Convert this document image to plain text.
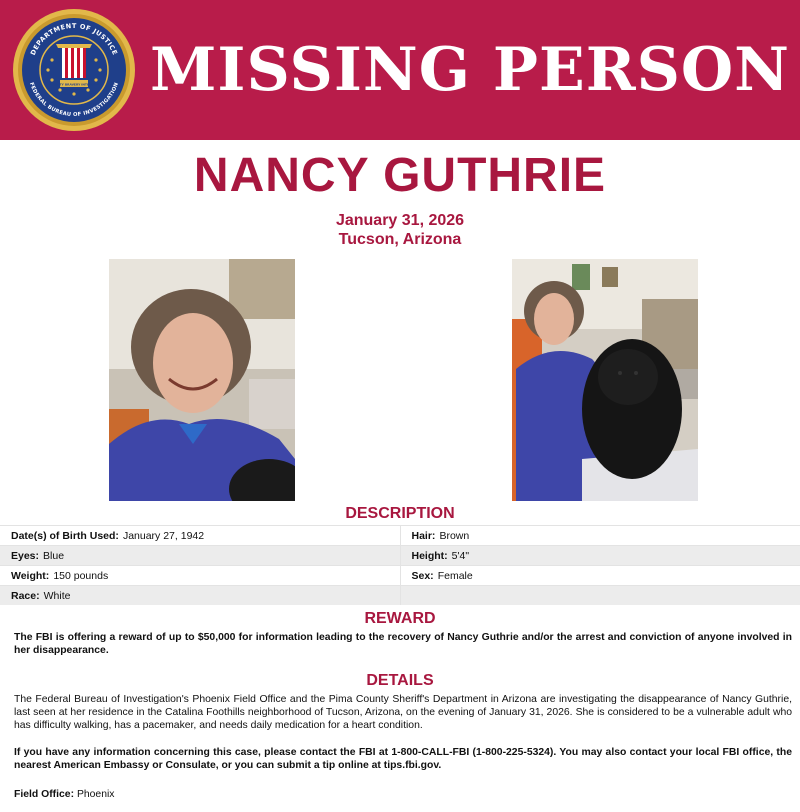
DEPARTMENT OF JUSTICE
FEDERAL BUREAU OF INVESTIGATION
FIDELITY BRAVERY INTEGRITY MISSING PERSON
NANCY GUTHRIE
January 31, 2026
Tucson, Arizona
DESCRIPTION
Date(s) of Birth Used: January 27, 1942	Hair: Brown
Eyes: Blue	Height: 5'4"
Weight: 150 pounds	Sex: Female
Race: White	
REWARD
The FBI is offering a reward of up to $50,000 for information leading to the recovery of Nancy Guthrie and/or the arrest and conviction of anyone involved in her disappearance.
DETAILS
The Federal Bureau of Investigation's Phoenix Field Office and the Pima County Sheriff's Department in Arizona are investigating the disappearance of Nancy Guthrie, last seen at her residence in the Catalina Foothills neighborhood of Tucson, Arizona, on the evening of January 31, 2026. She is considered to be a vulnerable adult who has difficulty walking, has a pacemaker, and needs daily medication for a heart condition.
If you have any information concerning this case, please contact the FBI at 1-800-CALL-FBI (1-800-225-5324). You may also contact your local FBI office, the nearest American Embassy or Consulate, or you can submit a tip online at tips.fbi.gov.
Field Office: Phoenix
